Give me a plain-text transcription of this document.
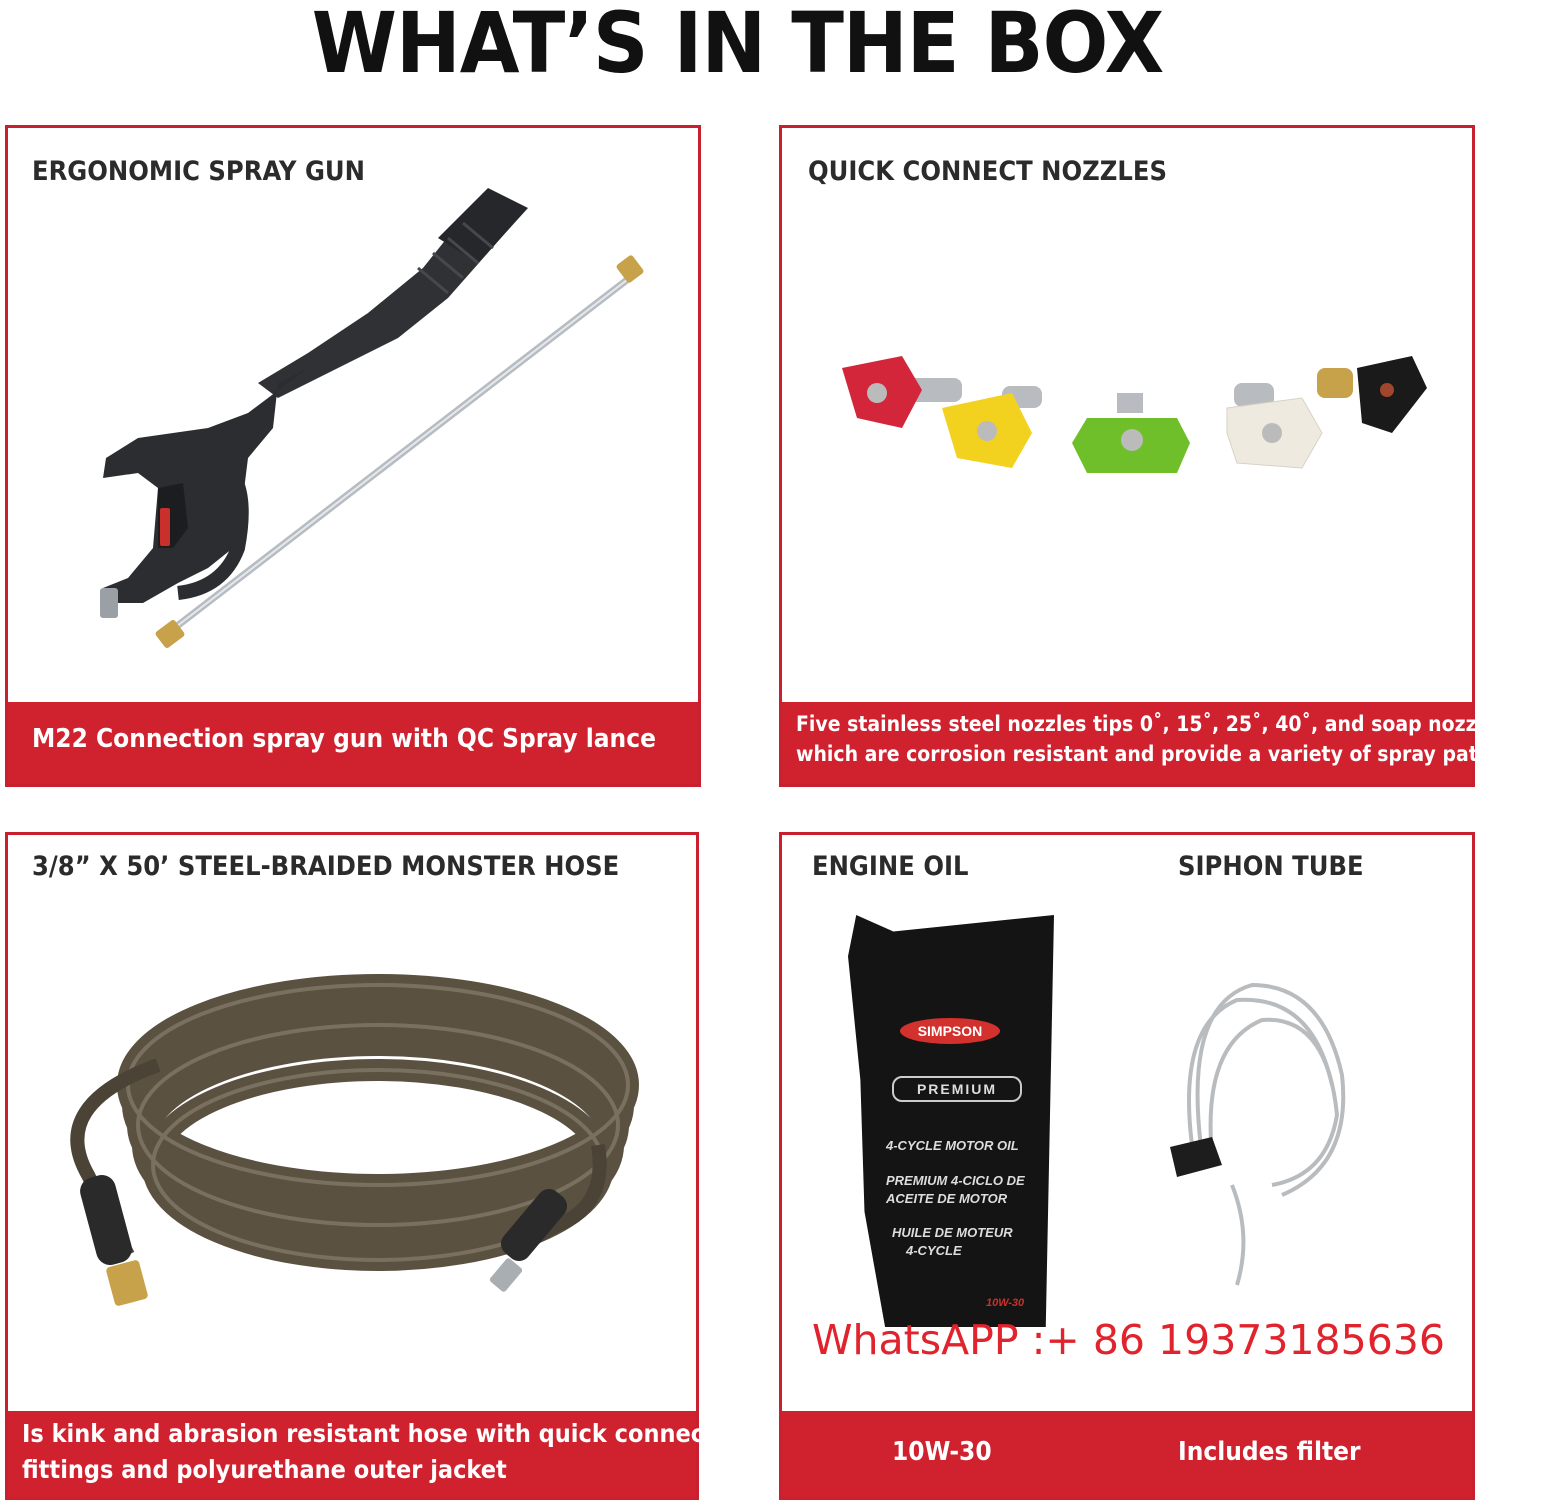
WHAT’S IN THE BOX
ERGONOMIC SPRAY GUN
M22 Connection spray gun with QC Spray lance
QUICK CONNECT NOZZLES
Five stainless steel nozzles tips 0˚, 15˚, 25˚, 40˚, and soap nozzle all of
which are corrosion resistant and provide a variety of spray patterns
3/8” X 50’ STEEL-BRAIDED MONSTER HOSE
Is kink and abrasion resistant hose with quick connect
fittings and polyurethane outer jacket
ENGINE OIL	SIPHON TUBE
SIMPSON
PREMIUM
4-CYCLE MOTOR OIL
PREMIUM 4-CICLO DE
ACEITE DE MOTOR
HUILE DE MOTEUR
4-CYCLE
10W-30
WhatsAPP :+ 86 19373185636
10W-30	Includes filter
